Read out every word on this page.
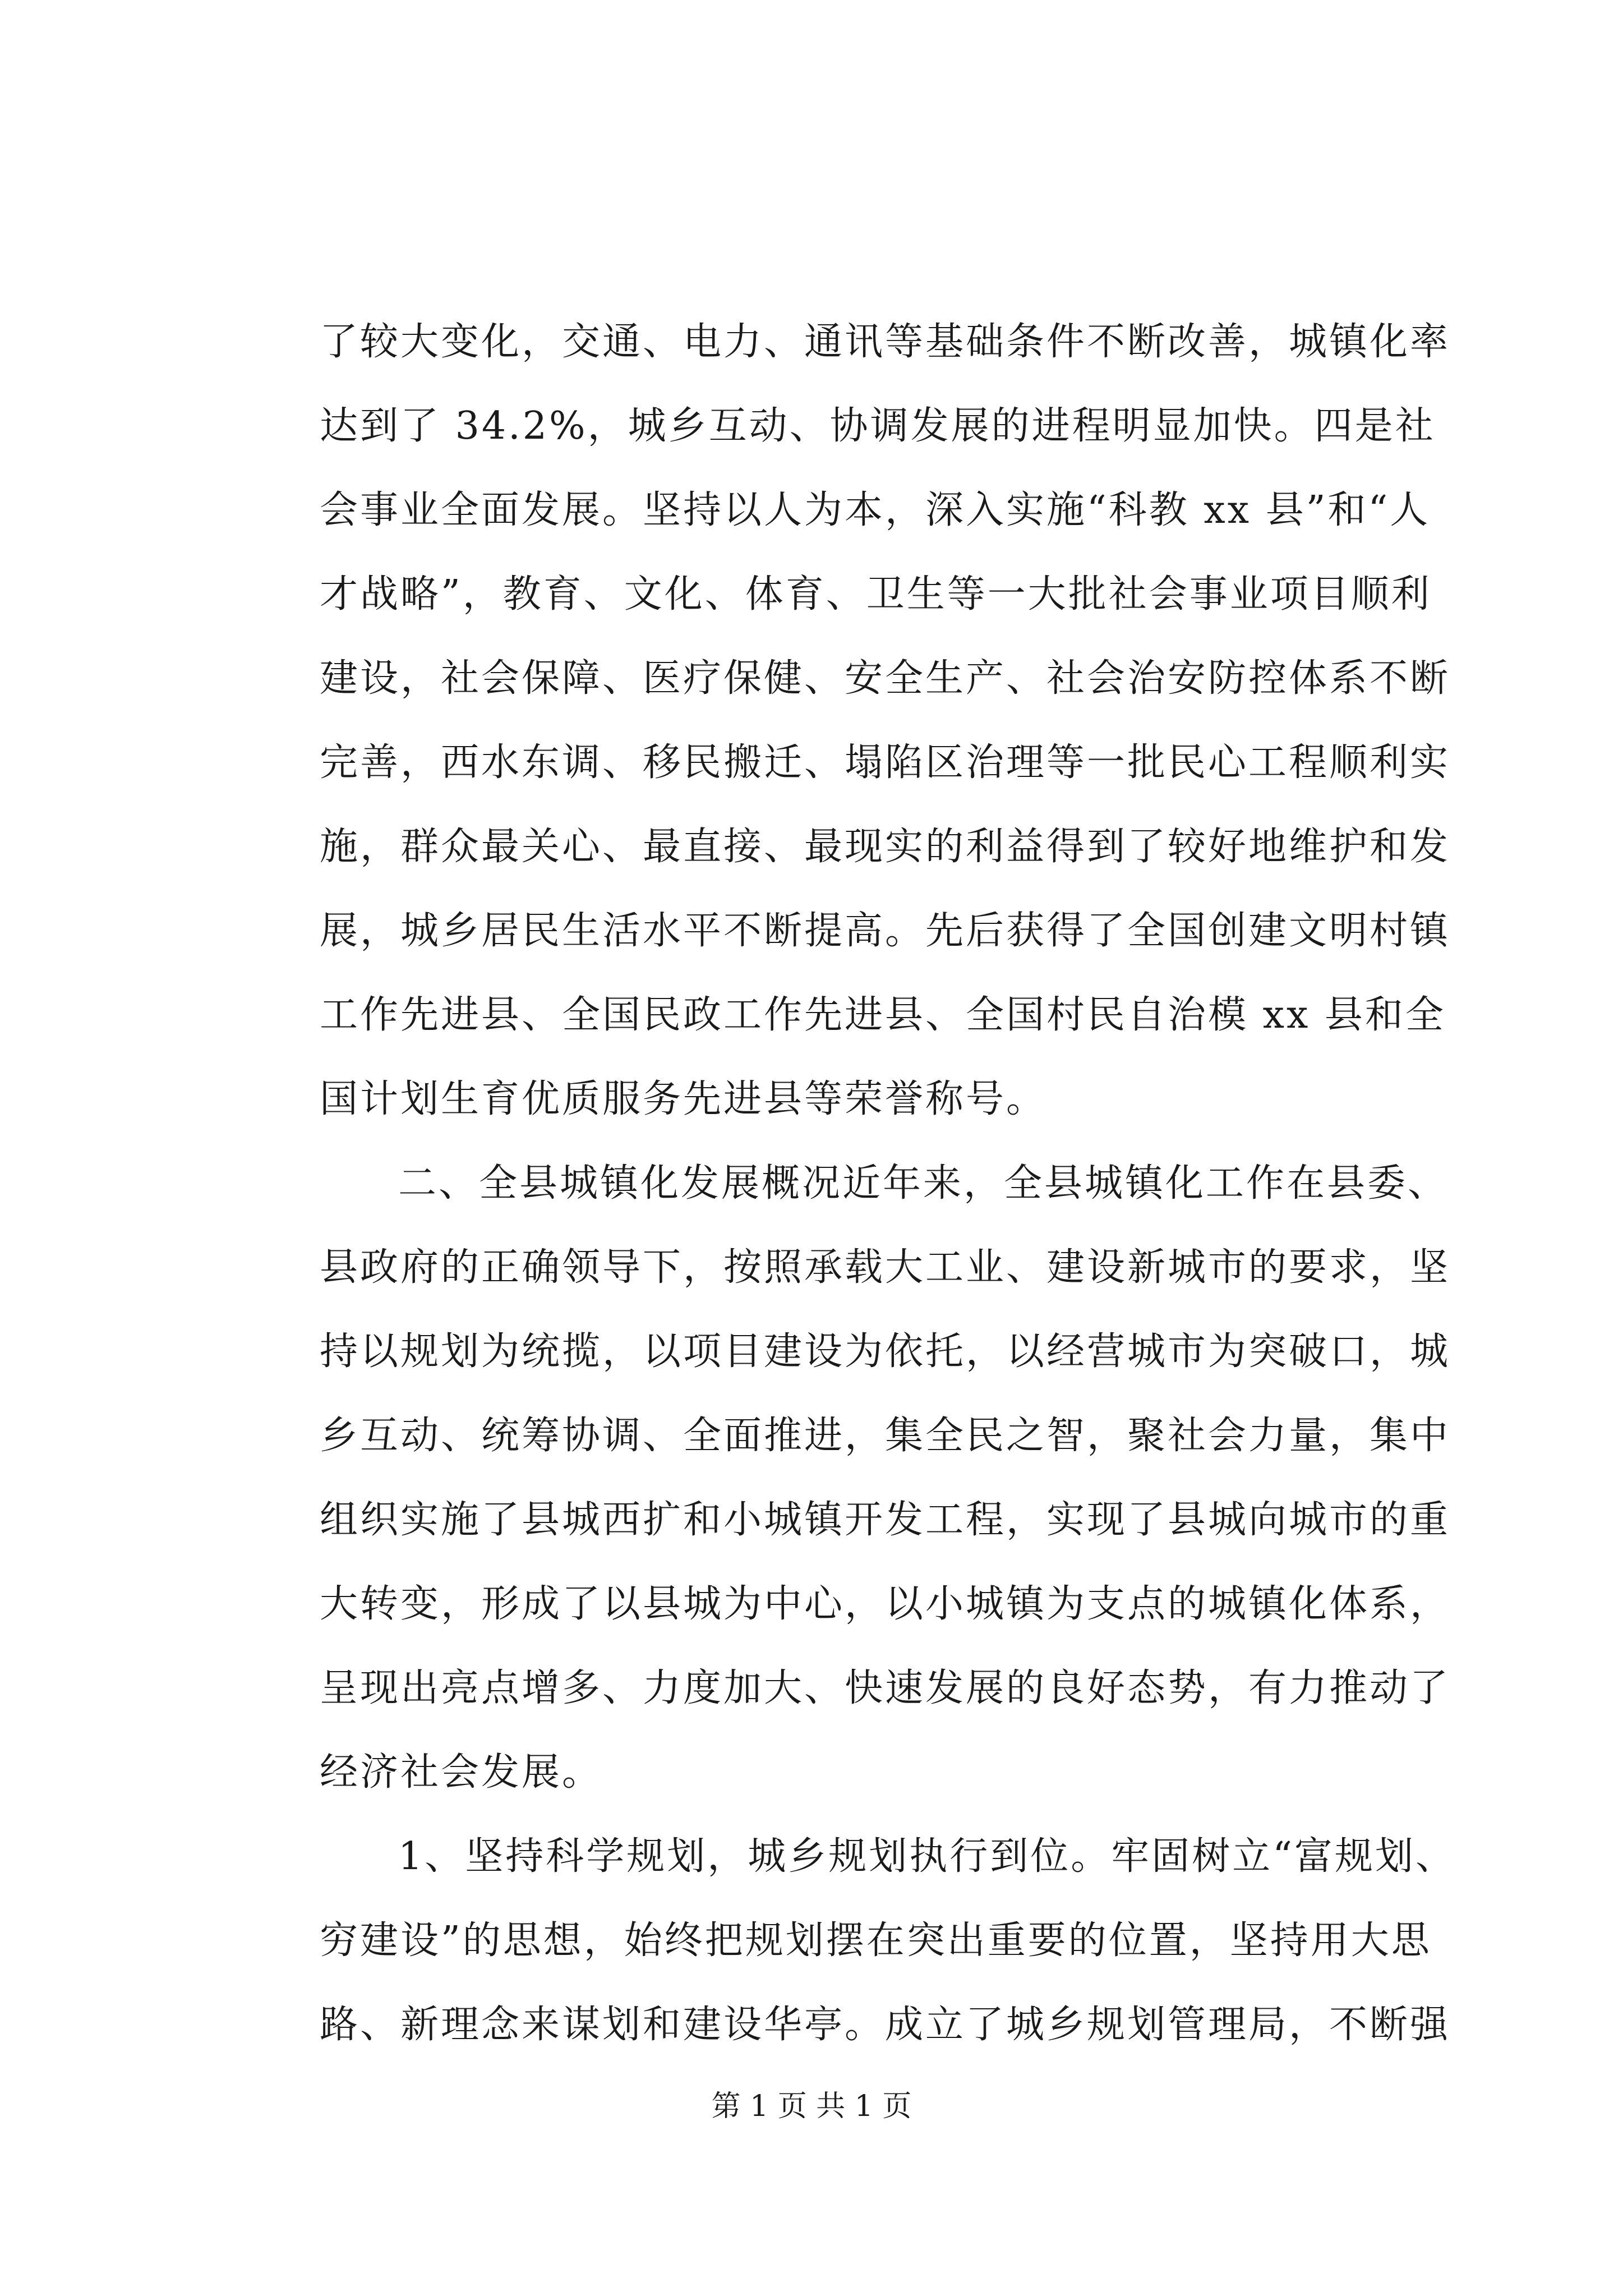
了较大变化，交通、电力、通讯等基础条件不断改善，城镇化率
达到了 34.2%，城乡互动、协调发展的进程明显加快。四是社
会事业全面发展。坚持以人为本，深入实施“科教 xx 县”和“人
才战略”，教育、文化、体育、卫生等一大批社会事业项目顺利
建设，社会保障、医疗保健、安全生产、社会治安防控体系不断
完善，西水东调、移民搬迁、塌陷区治理等一批民心工程顺利实
施，群众最关心、最直接、最现实的利益得到了较好地维护和发
展，城乡居民生活水平不断提高。先后获得了全国创建文明村镇
工作先进县、全国民政工作先进县、全国村民自治模 xx 县和全
国计划生育优质服务先进县等荣誉称号。
二、全县城镇化发展概况近年来，全县城镇化工作在县委、
县政府的正确领导下，按照承载大工业、建设新城市的要求，坚
持以规划为统揽，以项目建设为依托，以经营城市为突破口，城
乡互动、统筹协调、全面推进，集全民之智，聚社会力量，集中
组织实施了县城西扩和小城镇开发工程，实现了县城向城市的重
大转变，形成了以县城为中心，以小城镇为支点的城镇化体系，
呈现出亮点增多、力度加大、快速发展的良好态势，有力推动了
经济社会发展。
1、坚持科学规划，城乡规划执行到位。牢固树立“富规划、
穷建设”的思想，始终把规划摆在突出重要的位置，坚持用大思
路、新理念来谋划和建设华亭。成立了城乡规划管理局，不断强
第 1 页 共 1 页
